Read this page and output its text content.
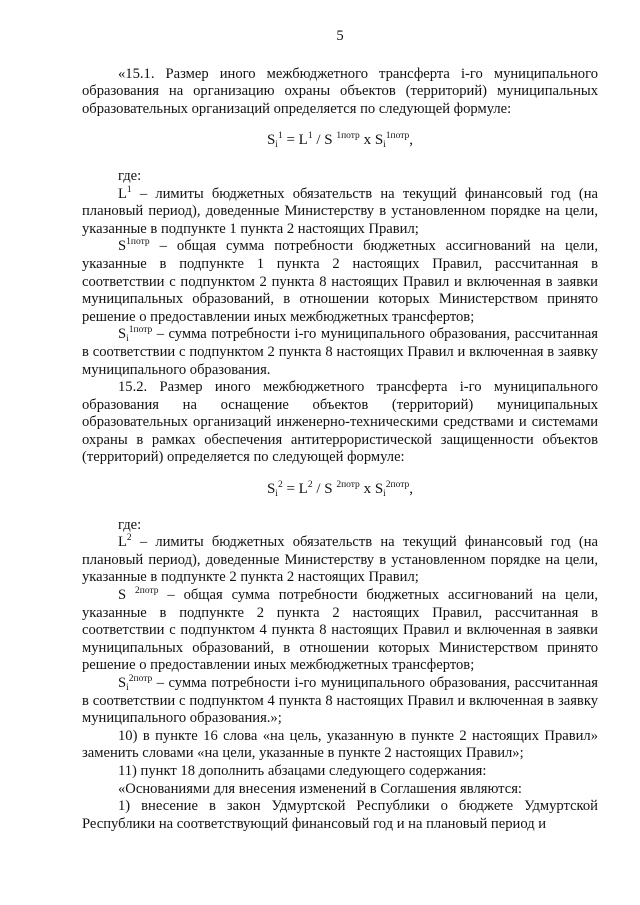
5

«15.1. Размер иного межбюджетного трансферта i-го муниципального образования на организацию охраны объектов (территорий) муниципальных образовательных организаций определяется по следующей формуле:

$S_i^1 = L^1 / S$ $^{1потр}$ x $S_i^{1потр}$,

где:

$L^1$ – лимиты бюджетных обязательств на текущий финансовый год (на плановый период), доведенные Министерству в установленном порядке на цели, указанные в подпункте 1 пункта 2 настоящих Правил;

$S^{1потр}$ – общая сумма потребности бюджетных ассигнований на цели, указанные в подпункте 1 пункта 2 настоящих Правил, рассчитанная в соответствии с подпунктом 2 пункта 8 настоящих Правил и включенная в заявки муниципальных образований, в отношении которых Министерством принято решение о предоставлении иных межбюджетных трансфертов;

$S_i^{1потр}$ – сумма потребности i-го муниципального образования, рассчитанная в соответствии с подпунктом 2 пункта 8 настоящих Правил и включенная в заявку муниципального образования.

15.2. Размер иного межбюджетного трансферта i-го муниципального образования на оснащение объектов (территорий) муниципальных образовательных организаций инженерно-техническими средствами и системами охраны в рамках обеспечения антитеррористической защищенности объектов (территорий) определяется по следующей формуле:

$S_i^2 = L^2 / S$ $^{2потр}$ x $S_i^{2потр}$,

где:

$L^2$ – лимиты бюджетных обязательств на текущий финансовый год (на плановый период), доведенные Министерству в установленном порядке на цели, указанные в подпункте 2 пункта 2 настоящих Правил;

S $^{2потр}$ – общая сумма потребности бюджетных ассигнований на цели, указанные в подпункте 2 пункта 2 настоящих Правил, рассчитанная в соответствии с подпунктом 4 пункта 8 настоящих Правил и включенная в заявки муниципальных образований, в отношении которых Министерством принято решение о предоставлении иных межбюджетных трансфертов;

$S_i^{2потр}$ – сумма потребности i-го муниципального образования, рассчитанная в соответствии с подпунктом 4 пункта 8 настоящих Правил и включенная в заявку муниципального образования.»;

10) в пункте 16 слова «на цель, указанную в пункте 2 настоящих Правил» заменить словами «на цели, указанные в пункте 2 настоящих Правил»;

11) пункт 18 дополнить абзацами следующего содержания:

«Основаниями для внесения изменений в Соглашения являются:

1) внесение в закон Удмуртской Республики о бюджете Удмуртской Республики на соответствующий финансовый год и на плановый период и
